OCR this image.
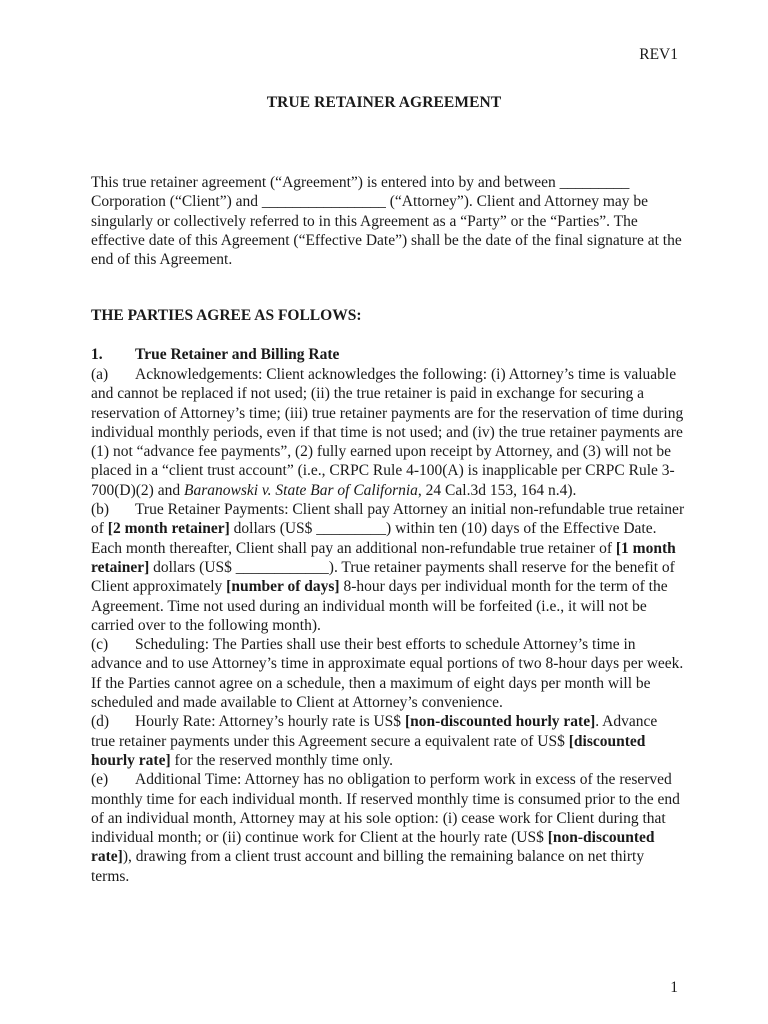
REV1
TRUE RETAINER AGREEMENT
This true retainer agreement (“Agreement”) is entered into by and between _________ Corporation (“Client”) and ________________ (“Attorney”). Client and Attorney may be singularly or collectively referred to in this Agreement as a “Party” or the “Parties”. The effective date of this Agreement (“Effective Date”) shall be the date of the final signature at the end of this Agreement.
THE PARTIES AGREE AS FOLLOWS:
1. True Retainer and Billing Rate

(a) Acknowledgements: Client acknowledges the following: (i) Attorney’s time is valuable and cannot be replaced if not used; (ii) the true retainer is paid in exchange for securing a reservation of Attorney’s time; (iii) true retainer payments are for the reservation of time during individual monthly periods, even if that time is not used; and (iv) the true retainer payments are (1) not “advance fee payments”, (2) fully earned upon receipt by Attorney, and (3) will not be placed in a “client trust account” (i.e., CRPC Rule 4-100(A) is inapplicable per CRPC Rule 3-700(D)(2) and Baranowski v. State Bar of California, 24 Cal.3d 153, 164 n.4).

(b) True Retainer Payments: Client shall pay Attorney an initial non-refundable true retainer of [2 month retainer] dollars (US$ _________) within ten (10) days of the Effective Date. Each month thereafter, Client shall pay an additional non-refundable true retainer of [1 month retainer] dollars (US$ ____________). True retainer payments shall reserve for the benefit of Client approximately [number of days] 8-hour days per individual month for the term of the Agreement. Time not used during an individual month will be forfeited (i.e., it will not be carried over to the following month).

(c) Scheduling: The Parties shall use their best efforts to schedule Attorney’s time in advance and to use Attorney’s time in approximate equal portions of two 8-hour days per week. If the Parties cannot agree on a schedule, then a maximum of eight days per month will be scheduled and made available to Client at Attorney’s convenience.

(d) Hourly Rate: Attorney’s hourly rate is US$ [non-discounted hourly rate]. Advance true retainer payments under this Agreement secure a equivalent rate of US$ [discounted hourly rate] for the reserved monthly time only.

(e) Additional Time: Attorney has no obligation to perform work in excess of the reserved monthly time for each individual month. If reserved monthly time is consumed prior to the end of an individual month, Attorney may at his sole option: (i) cease work for Client during that individual month; or (ii) continue work for Client at the hourly rate (US$ [non-discounted rate]), drawing from a client trust account and billing the remaining balance on net thirty terms.

1
